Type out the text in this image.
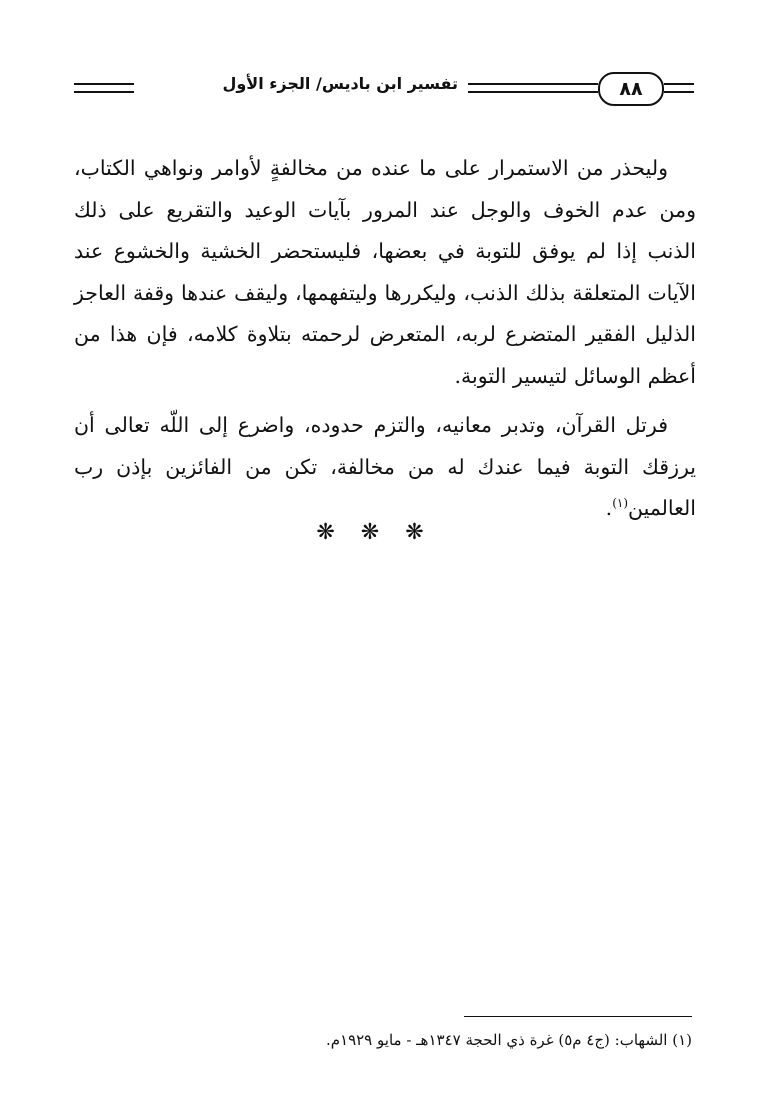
٨٨
تفسير ابن باديس/ الجزء الأول

وليحذر من الاستمرار على ما عنده من مخالفةٍ لأوامر ونواهي الكتاب، ومن عدم الخوف والوجل عند المرور بآيات الوعيد والتقريع على ذلك الذنب إذا لم يوفق للتوبة في بعضها، فليستحضر الخشية والخشوع عند الآيات المتعلقة بذلك الذنب، وليكررها وليتفهمها، وليقف عندها وقفة العاجز الذليل الفقير المتضرع لربه، المتعرض لرحمته بتلاوة كلامه، فإن هذا من أعظم الوسائل لتيسير التوبة.

فرتل القرآن، وتدبر معانيه، والتزم حدوده، واضرع إلى اللّه تعالى أن يرزقك التوبة فيما عندك له من مخالفة، تكن من الفائزين بإذن رب العالمين$^{(١)}$.

❋❋❋
(١) الشهاب: (ج٤ م٥) غرة ذي الحجة ١٣٤٧هـ - مايو ١٩٢٩م.
